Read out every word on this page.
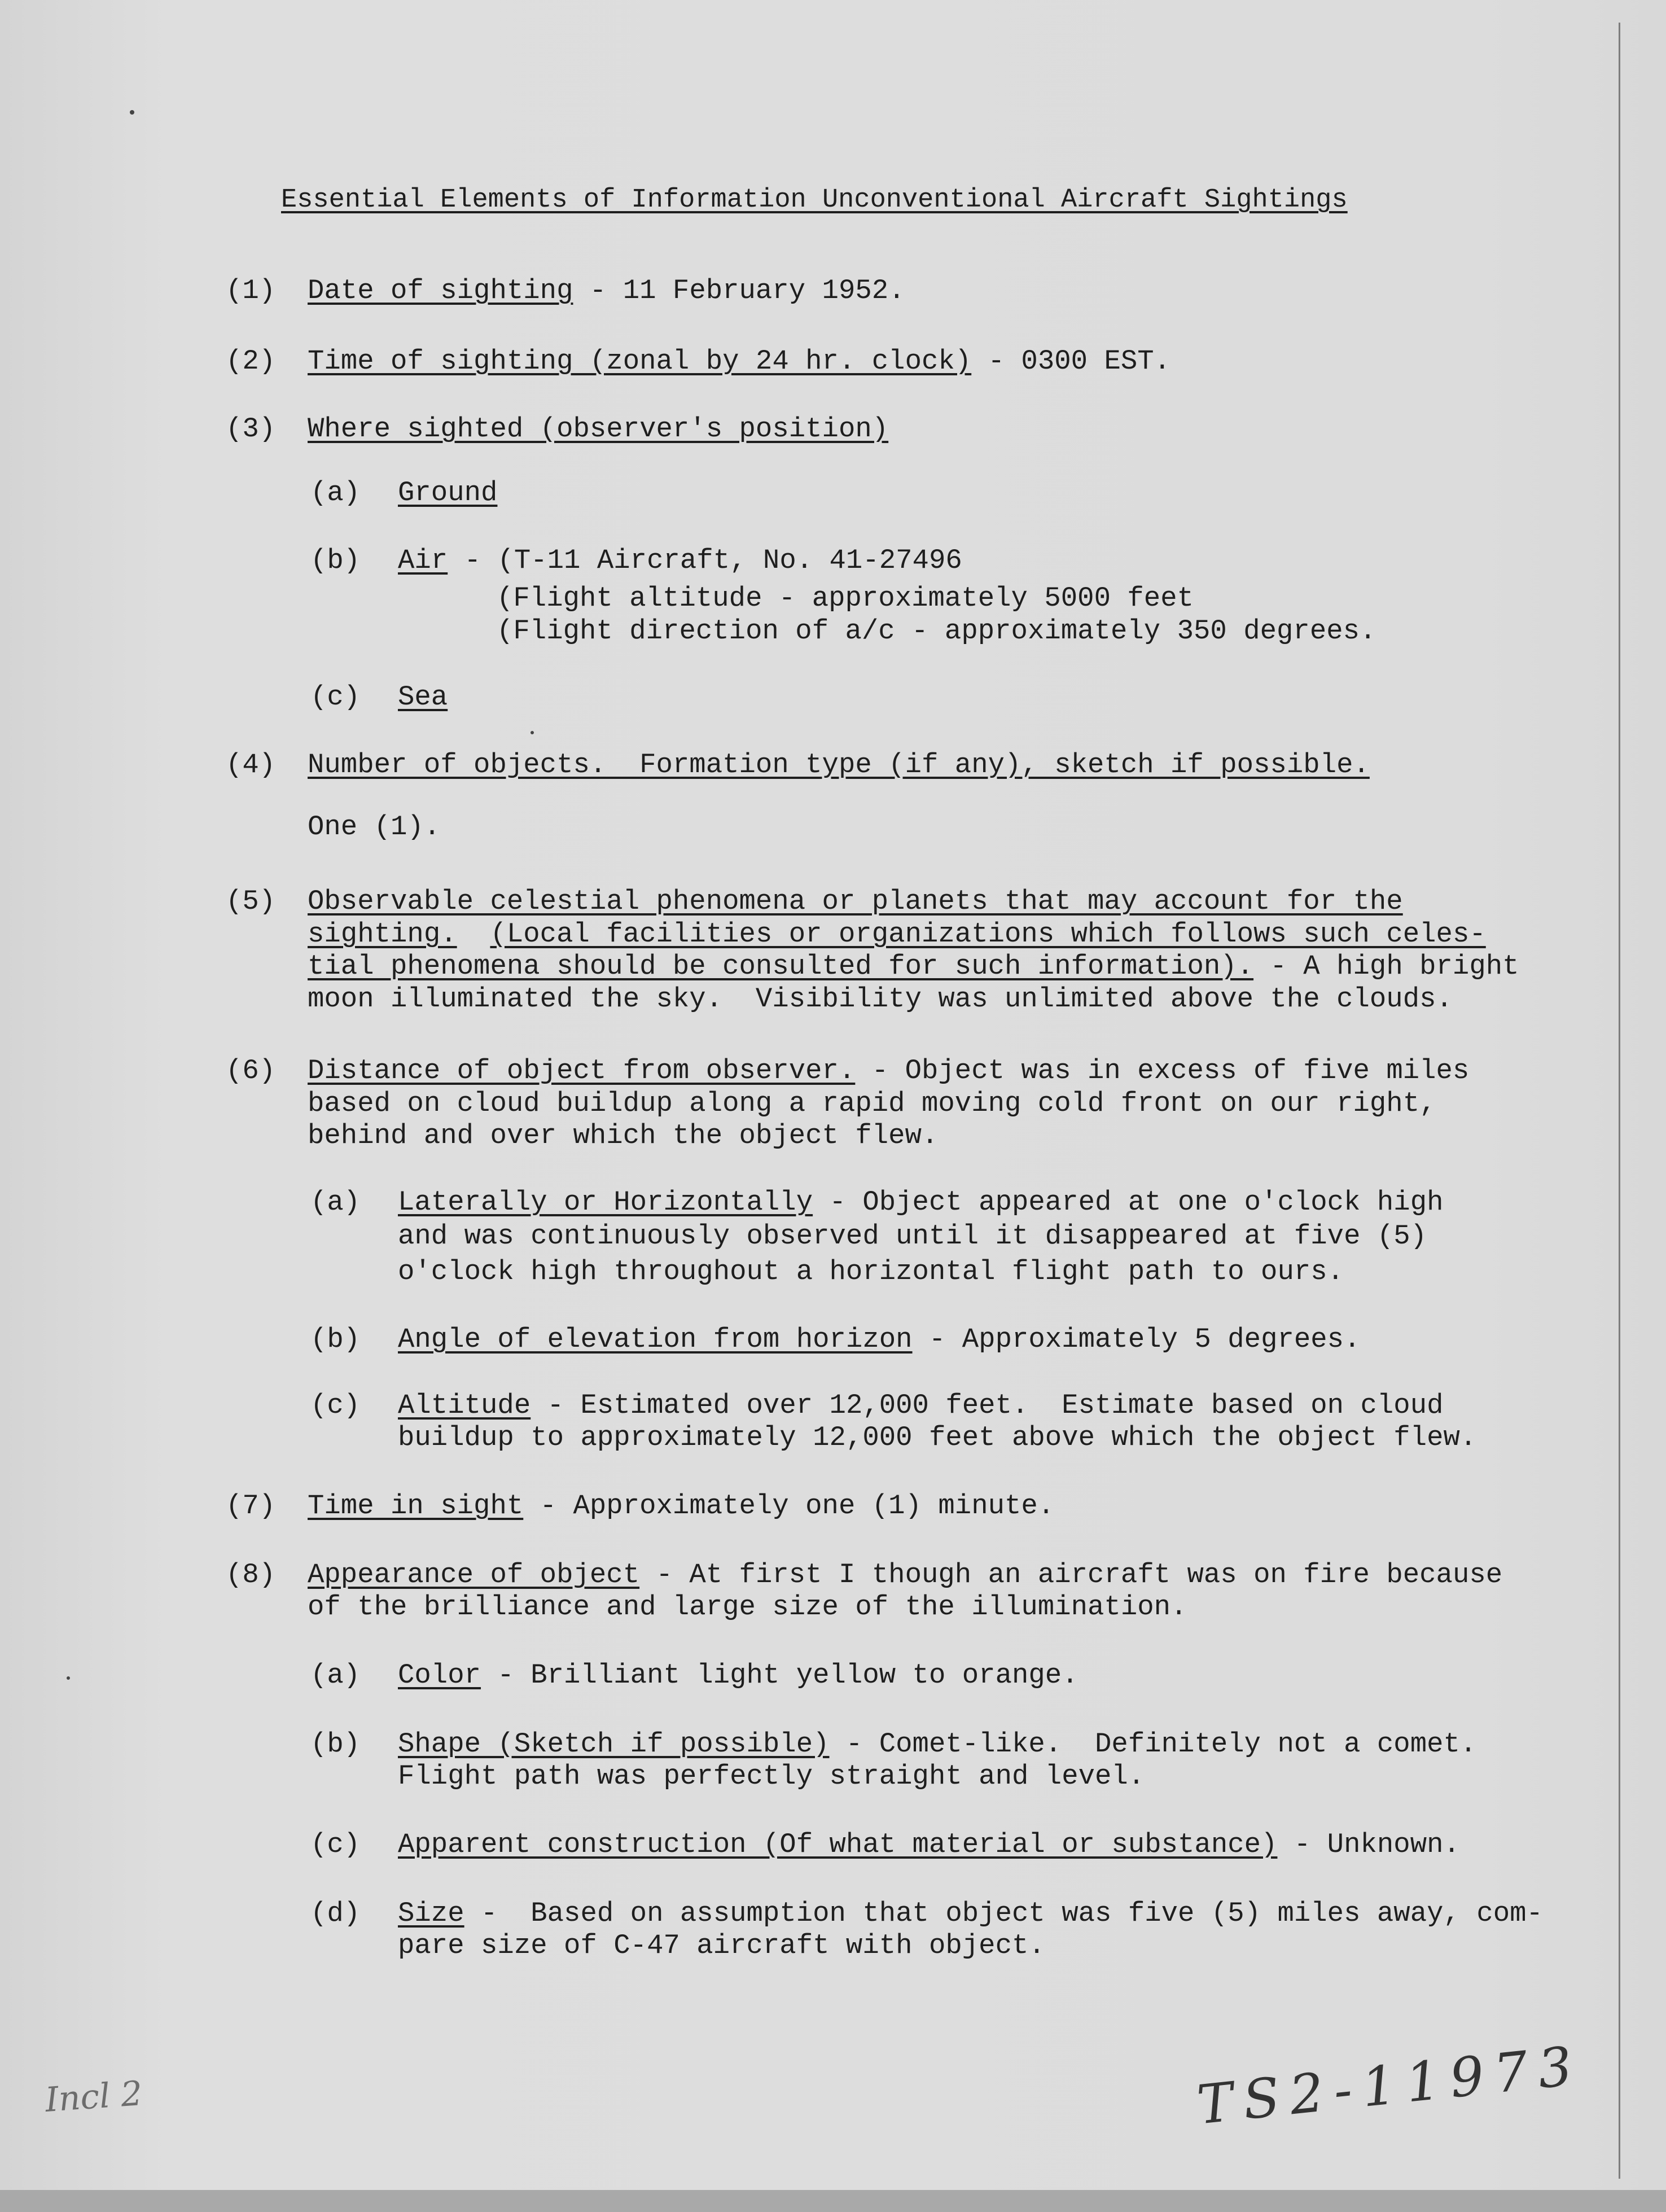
Essential Elements of Information Unconventional Aircraft Sightings
(1) Date of sighting - 11 February 1952.
(2) Time of sighting (zonal by 24 hr. clock) - 0300 EST.
(3) Where sighted (observer's position)
(a) Ground
(b) Air - (T-11 Aircraft, No. 41-27496
(Flight altitude - approximately 5000 feet
(Flight direction of a/c - approximately 350 degrees.
(c) Sea
(4) Number of objects.  Formation type (if any), sketch if possible.
One (1).
(5) Observable celestial phenomena or planets that may account for the
sighting. (Local facilities or organizations which follows such celes-
tial phenomena should be consulted for such information). - A high bright
moon illuminated the sky.  Visibility was unlimited above the clouds.
(6) Distance of object from observer. - Object was in excess of five miles
based on cloud buildup along a rapid moving cold front on our right,
behind and over which the object flew.
(a) Laterally or Horizontally - Object appeared at one o'clock high
and was continuously observed until it disappeared at five (5)
o'clock high throughout a horizontal flight path to ours.
(b) Angle of elevation from horizon - Approximately 5 degrees.
(c) Altitude - Estimated over 12,000 feet.  Estimate based on cloud
buildup to approximately 12,000 feet above which the object flew.
(7) Time in sight - Approximately one (1) minute.
(8) Appearance of object - At first I though an aircraft was on fire because
of the brilliance and large size of the illumination.
(a) Color - Brilliant light yellow to orange.
(b) Shape (Sketch if possible) - Comet-like.  Definitely not a comet.
Flight path was perfectly straight and level.
(c) Apparent construction (Of what material or substance) - Unknown.
(d) Size -  Based on assumption that object was five (5) miles away, com-
pare size of C-47 aircraft with object.
Incl 2	TS2-11973
